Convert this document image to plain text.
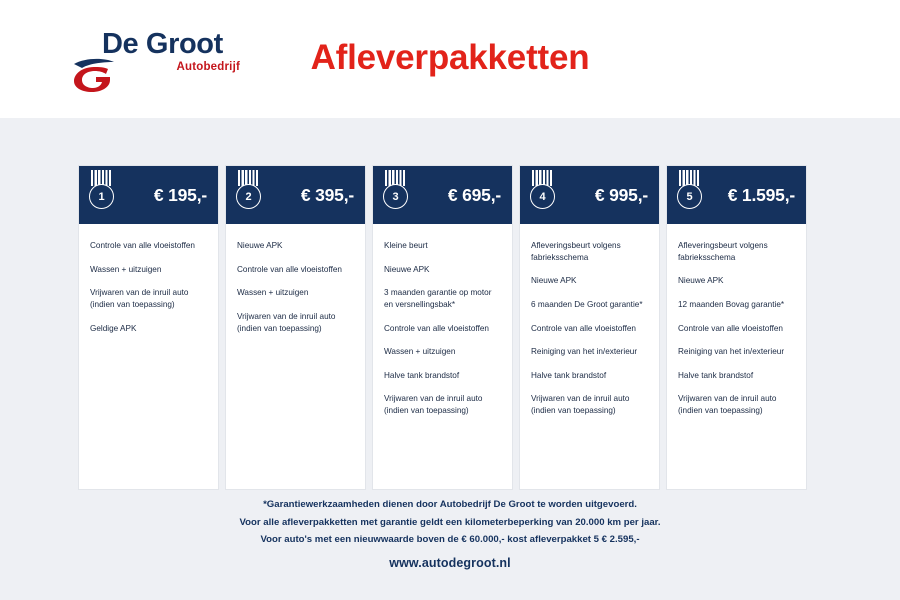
De Groot
Autobedrijf	Afleverpakketten
1	€ 195,-
Controle van alle vloeistoffen
Wassen + uitzuigen
Vrijwaren van de inruil auto (indien van toepassing)
Geldige APK
2	€ 395,-
Nieuwe APK
Controle van alle vloeistoffen
Wassen + uitzuigen
Vrijwaren van de inruil auto (indien van toepassing)
3	€ 695,-
Kleine beurt
Nieuwe APK
3 maanden garantie op motor en versnellingsbak*
Controle van alle vloeistoffen
Wassen + uitzuigen
Halve tank brandstof
Vrijwaren van de inruil auto (indien van toepassing)
4	€ 995,-
Afleveringsbeurt volgens fabrieksschema
Nieuwe APK
6 maanden De Groot garantie*
Controle van alle vloeistoffen
Reiniging van het in/exterieur
Halve tank brandstof
Vrijwaren van de inruil auto (indien van toepassing)
5	€ 1.595,-
Afleveringsbeurt volgens fabrieksschema
Nieuwe APK
12 maanden Bovag garantie*
Controle van alle vloeistoffen
Reiniging van het in/exterieur
Halve tank brandstof
Vrijwaren van de inruil auto (indien van toepassing)
*Garantiewerkzaamheden dienen door Autobedrijf De Groot te worden uitgevoerd.
Voor alle afleverpakketten met garantie geldt een kilometerbeperking van 20.000 km per jaar.
Voor auto's met een nieuwwaarde boven de € 60.000,- kost afleverpakket 5 € 2.595,-
www.autodegroot.nl
